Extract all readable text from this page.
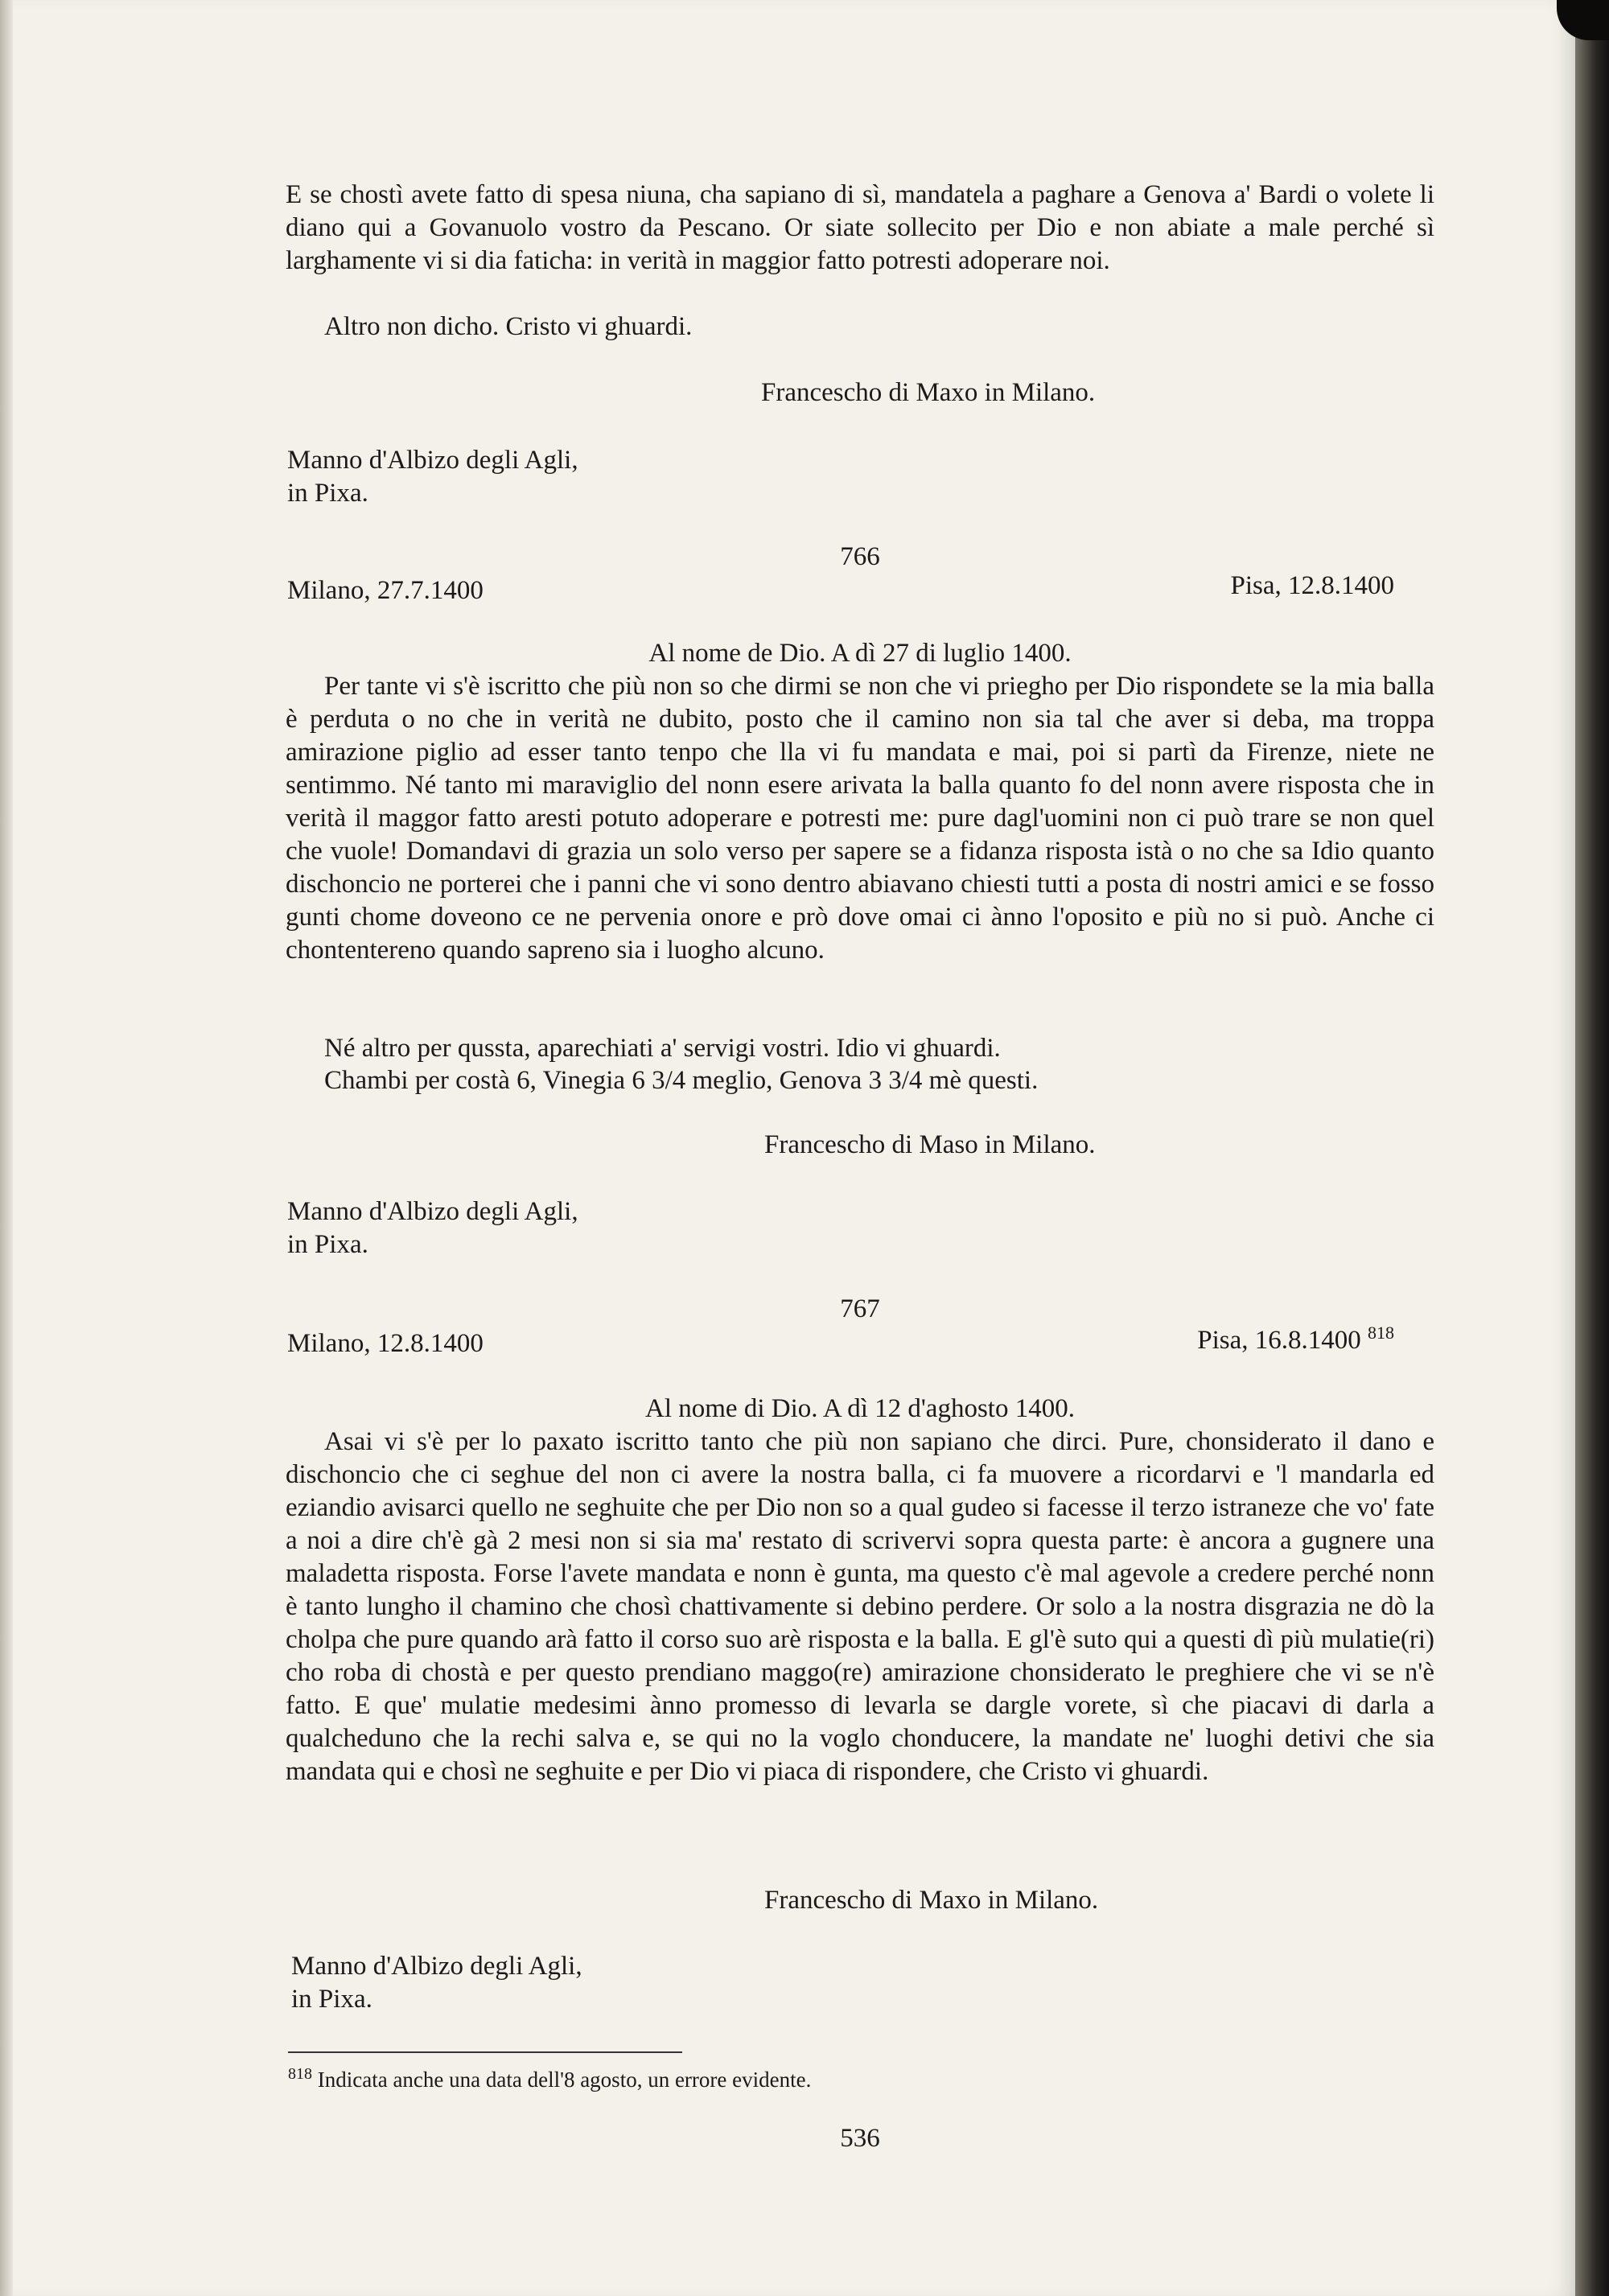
E se chostì avete fatto di spesa niuna, cha sapiano di sì, mandatela a paghare a Genova a' Bardi o volete li diano qui a Govanuolo vostro da Pescano. Or siate sollecito per Dio e non abiate a male perché sì larghamente vi si dia faticha: in verità in maggior fatto potresti adoperare noi.

Altro non dicho. Cristo vi ghuardi.

Francescho di Maxo in Milano.
Manno d'Albizo degli Agli,
in Pixa.
766
Milano, 27.7.1400	Pisa, 12.8.1400
Al nome de Dio. A dì 27 di luglio 1400.

Per tante vi s'è iscritto che più non so che dirmi se non che vi priegho per Dio rispondete se la mia balla è perduta o no che in verità ne dubito, posto che il camino non sia tal che aver si deba, ma troppa amirazione piglio ad esser tanto tenpo che lla vi fu mandata e mai, poi si partì da Firenze, niete ne sentimmo. Né tanto mi maraviglio del nonn esere arivata la balla quanto fo del nonn avere risposta che in verità il maggor fatto aresti potuto adoperare e potresti me: pure dagl'uomini non ci può trare se non quel che vuole! Domandavi di grazia un solo verso per sapere se a fidanza risposta istà o no che sa Idio quanto dischoncio ne porterei che i panni che vi sono dentro abiavano chiesti tutti a posta di nostri amici e se fosso gunti chome doveono ce ne pervenia onore e prò dove omai ci ànno l'oposito e più no si può. Anche ci chontentereno quando sapreno sia i luogho alcuno.

Né altro per qussta, aparechiati a' servigi vostri. Idio vi ghuardi.

Chambi per costà 6, Vinegia 6 3/4 meglio, Genova 3 3/4 mè questi.

Francescho di Maso in Milano.
Manno d'Albizo degli Agli,
in Pixa.
767
Milano, 12.8.1400	Pisa, 16.8.1400 $^{818}$
Al nome di Dio. A dì 12 d'aghosto 1400.

Asai vi s'è per lo paxato iscritto tanto che più non sapiano che dirci. Pure, chonsiderato il dano e dischoncio che ci seghue del non ci avere la nostra balla, ci fa muovere a ricordarvi e 'l mandarla ed eziandio avisarci quello ne seghuite che per Dio non so a qual gudeo si facesse il terzo istraneze che vo' fate a noi a dire ch'è gà 2 mesi non si sia ma' restato di scrivervi sopra questa parte: è ancora a gugnere una maladetta risposta. Forse l'avete mandata e nonn è gunta, ma questo c'è mal agevole a credere perché nonn è tanto lungho il chamino che chosì chattivamente si debino perdere. Or solo a la nostra disgrazia ne dò la cholpa che pure quando arà fatto il corso suo arè risposta e la balla. E gl'è suto qui a questi dì più mulatie(ri) cho roba di chostà e per questo prendiano maggo(re) amirazione chonsiderato le preghiere che vi se n'è fatto. E que' mulatie medesimi ànno promesso di levarla se dargle vorete, sì che piacavi di darla a qualcheduno che la rechi salva e, se qui no la voglo chonducere, la mandate ne' luoghi detivi che sia mandata qui e chosì ne seghuite e per Dio vi piaca di rispondere, che Cristo vi ghuardi.

Francescho di Maxo in Milano.
Manno d'Albizo degli Agli,
in Pixa.
$^{818}$ Indicata anche una data dell'8 agosto, un errore evidente.
536
